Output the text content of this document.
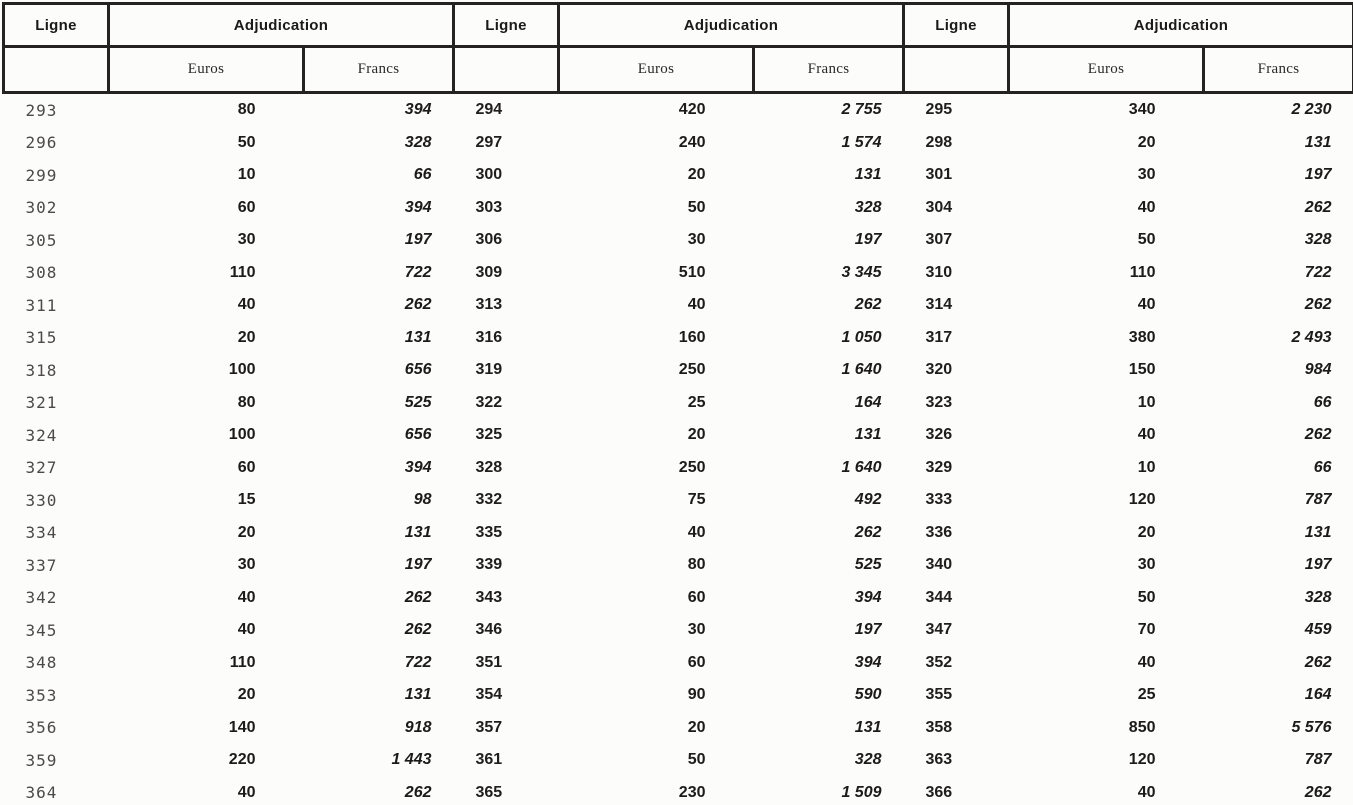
Ligne	Adjudication		Ligne	Adjudication		Ligne	Adjudication	
	Euros	Francs		Euros	Francs		Euros	Francs
293	80	394	294	420	2 755	295	340	2 230
296	50	328	297	240	1 574	298	20	131
299	10	66	300	20	131	301	30	197
302	60	394	303	50	328	304	40	262
305	30	197	306	30	197	307	50	328
308	110	722	309	510	3 345	310	110	722
311	40	262	313	40	262	314	40	262
315	20	131	316	160	1 050	317	380	2 493
318	100	656	319	250	1 640	320	150	984
321	80	525	322	25	164	323	10	66
324	100	656	325	20	131	326	40	262
327	60	394	328	250	1 640	329	10	66
330	15	98	332	75	492	333	120	787
334	20	131	335	40	262	336	20	131
337	30	197	339	80	525	340	30	197
342	40	262	343	60	394	344	50	328
345	40	262	346	30	197	347	70	459
348	110	722	351	60	394	352	40	262
353	20	131	354	90	590	355	25	164
356	140	918	357	20	131	358	850	5 576
359	220	1 443	361	50	328	363	120	787
364	40	262	365	230	1 509	366	40	262
